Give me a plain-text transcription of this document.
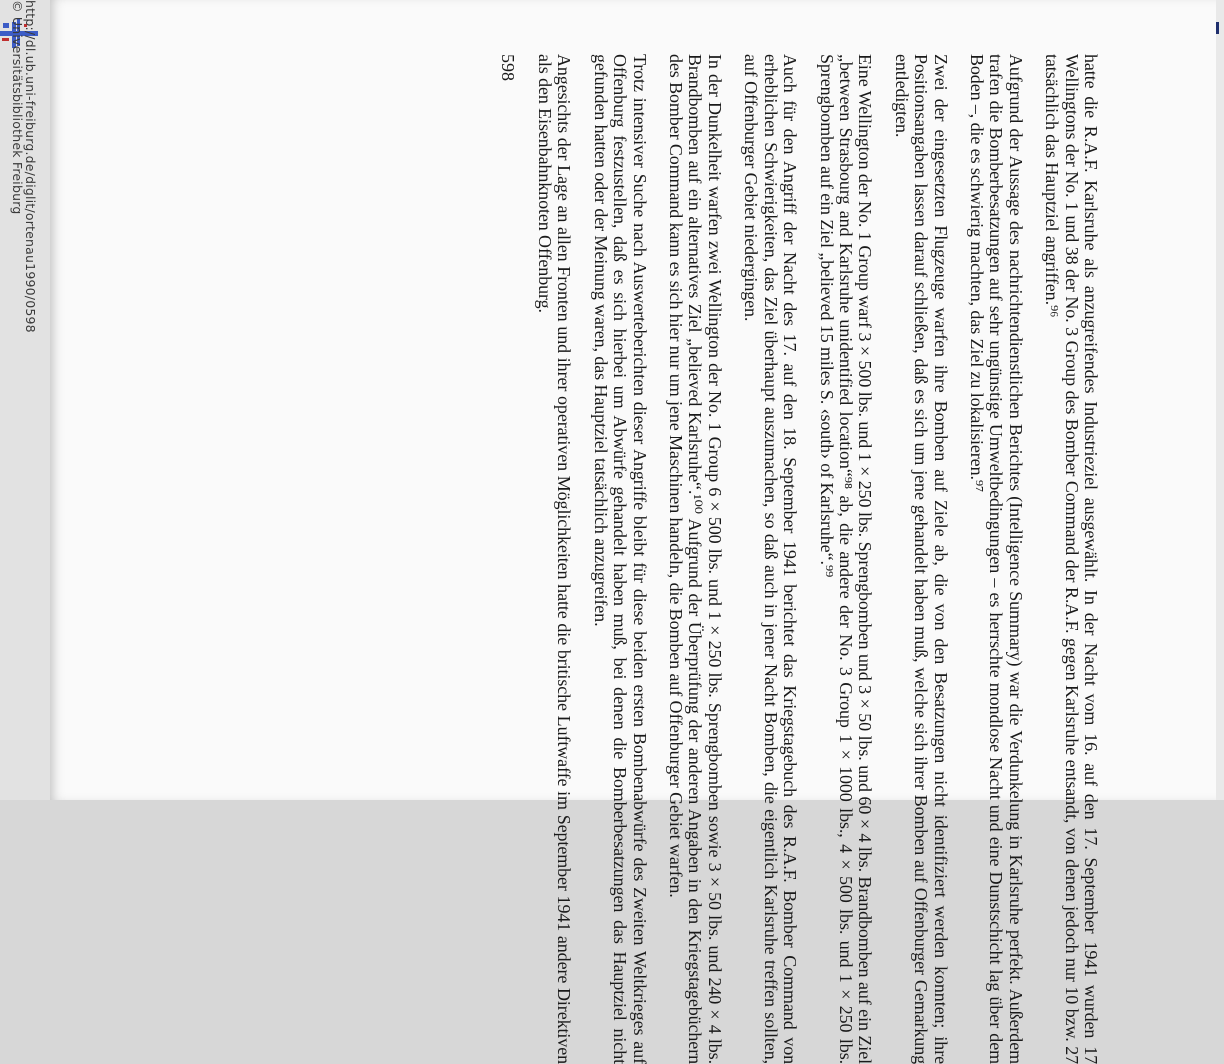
http://dl.ub.uni-freiburg.de/diglit/ortenau1990/0598
© Universitätsbibliothek Freiburg	hatte die R.A.F. Karlsruhe als anzugreifendes Industrieziel ausgewählt. In der Nacht vom 16. auf den 17. September 1941 wurden 17 Wellingtons der No. 1 und 38 der No. 3 Group des Bomber Command der R.A.F. gegen Karlsruhe entsandt, von denen jedoch nur 10 bzw. 27 tatsächlich das Hauptziel angriffen.⁹⁶

Aufgrund der Aussage des nachrichtendienstlichen Berichtes (Intelligence Summary) war die Verdunkelung in Karlsruhe perfekt. Außerdem trafen die Bomberbesatzungen auf sehr ungünstige Umweltbedingungen – es herrschte mondlose Nacht und eine Dunstschicht lag über dem Boden –, die es schwierig machten, das Ziel zu lokalisieren.⁹⁷

Zwei der eingesetzten Flugzeuge warfen ihre Bomben auf Ziele ab, die von den Besatzungen nicht identifiziert werden konnten; ihre Positionsangaben lassen darauf schließen, daß es sich um jene gehandelt haben muß, welche sich ihrer Bomben auf Offenburger Gemarkung entledigten.

Eine Wellington der No. 1 Group warf 3 × 500 lbs. und 1 × 250 lbs. Sprengbomben und 3 × 50 lbs. und 60 × 4 lbs. Brandbomben auf ein Ziel „between Strasbourg and Karlsruhe unidentified location“⁹⁸ ab, die andere der No. 3 Group 1 × 1000 lbs., 4 × 500 lbs. und 1 × 250 lbs. Sprengbomben auf ein Ziel „believed 15 miles S. ‹south› of Karlsruhe“.⁹⁹

Auch für den Angriff der Nacht des 17. auf den 18. September 1941 berichtet das Kriegstagebuch des R.A.F. Bomber Command von erheblichen Schwierigkeiten, das Ziel überhaupt auszumachen, so daß auch in jener Nacht Bomben, die eigentlich Karlsruhe treffen sollten, auf Offenburger Gebiet niedergingen.

In der Dunkelheit warfen zwei Wellington der No. 1 Group 6 × 500 lbs. und 1 × 250 lbs. Sprengbomben sowie 3 × 50 lbs. und 240 × 4 lbs. Brandbomben auf ein alternatives Ziel „believed Karlsruhe“.¹⁰⁰ Aufgrund der Überprüfung der anderen Angaben in den Kriegstagebüchern des Bomber Command kann es sich hier nur um jene Maschinen handeln, die Bomben auf Offenburger Gebiet warfen.

Trotz intensiver Suche nach Auswerteberichten dieser Angriffe bleibt für diese beiden ersten Bombenabwürfe des Zweiten Weltkrieges auf Offenburg festzustellen, daß es sich hierbei um Abwürfe gehandelt haben muß, bei denen die Bomberbesatzungen das Hauptziel nicht gefunden hatten oder der Meinung waren, das Hauptziel tatsächlich anzugreifen.

Angesichts der Lage an allen Fronten und ihrer operativen Möglichkeiten hatte die britische Luftwaffe im September 1941 andere Direktiven als den Eisenbahnknoten Offenburg.

598
